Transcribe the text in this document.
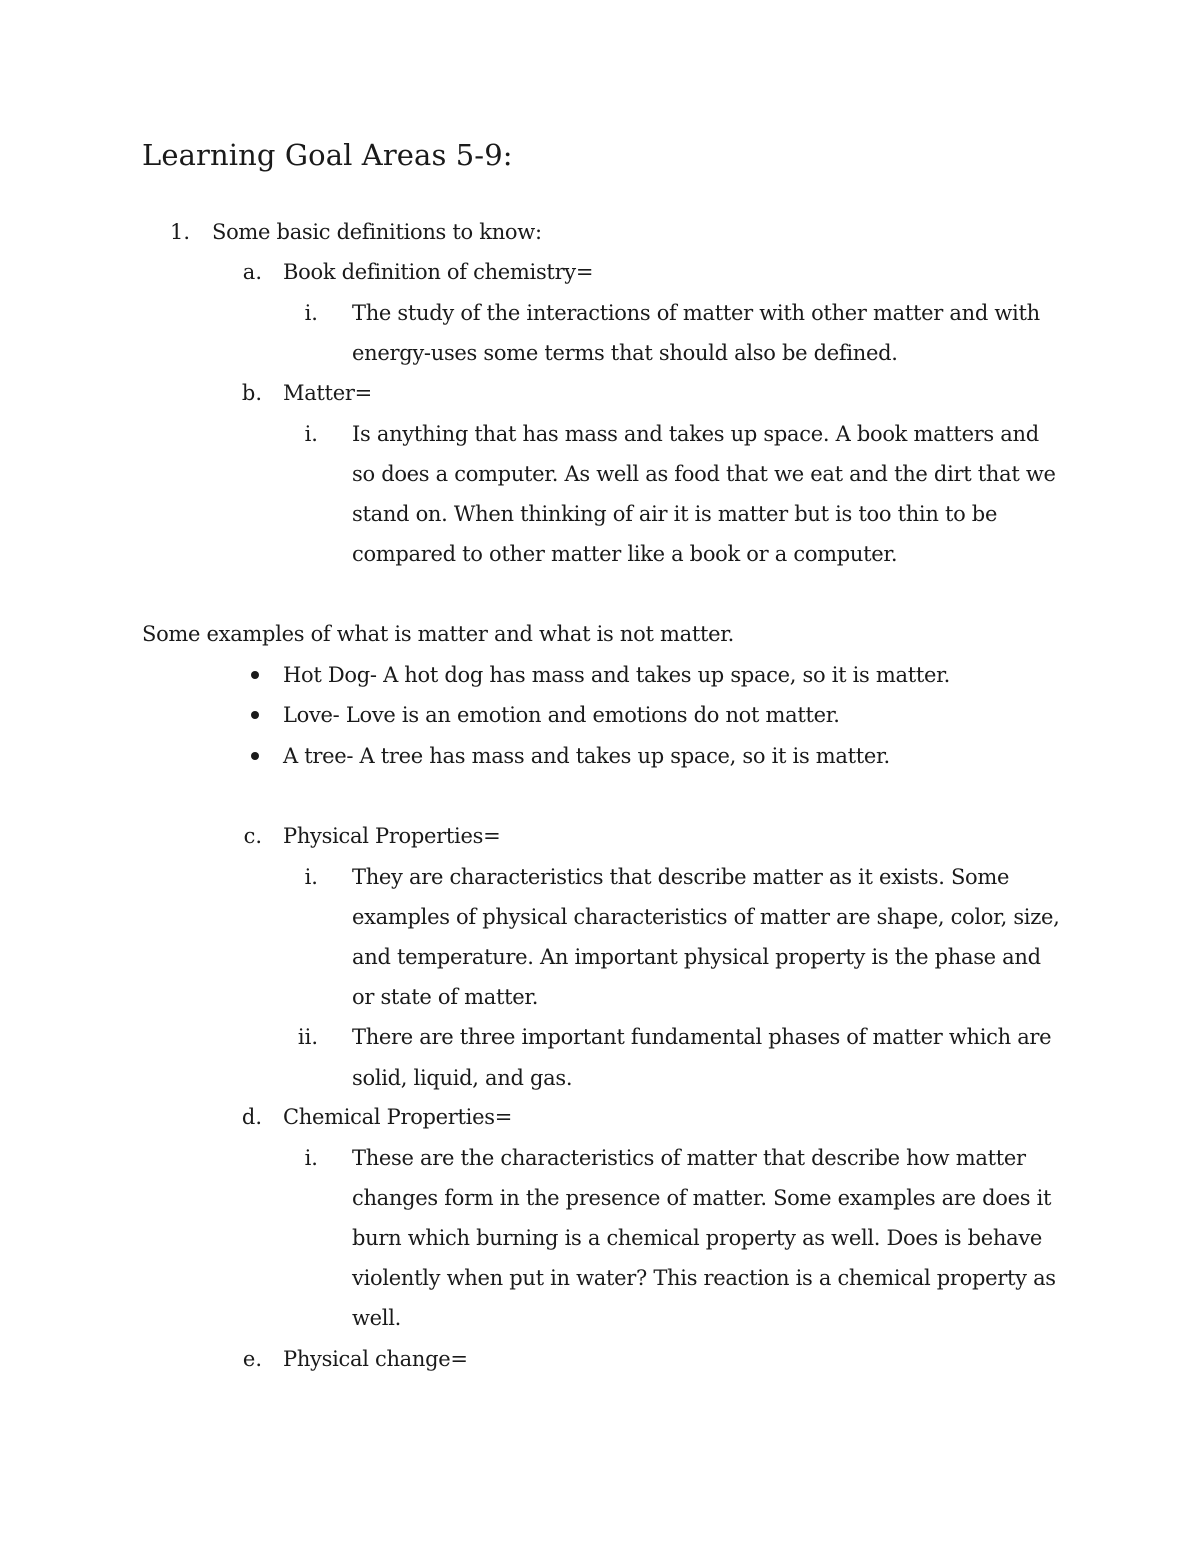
Learning Goal Areas 5-9:
1. Some basic definitions to know:
a. Book definition of chemistry=
i. The study of the interactions of matter with other matter and with
energy-uses some terms that should also be defined.
b. Matter=
i. Is anything that has mass and takes up space. A book matters and
so does a computer. As well as food that we eat and the dirt that we
stand on. When thinking of air it is matter but is too thin to be
compared to other matter like a book or a computer.
Some examples of what is matter and what is not matter.
Hot Dog- A hot dog has mass and takes up space, so it is matter.
Love- Love is an emotion and emotions do not matter.
A tree- A tree has mass and takes up space, so it is matter.
c. Physical Properties=
i. They are characteristics that describe matter as it exists. Some
examples of physical characteristics of matter are shape, color, size,
and temperature. An important physical property is the phase and
or state of matter.
ii. There are three important fundamental phases of matter which are
solid, liquid, and gas.
d. Chemical Properties=
i. These are the characteristics of matter that describe how matter
changes form in the presence of matter. Some examples are does it
burn which burning is a chemical property as well. Does is behave
violently when put in water? This reaction is a chemical property as
well.
e. Physical change=
